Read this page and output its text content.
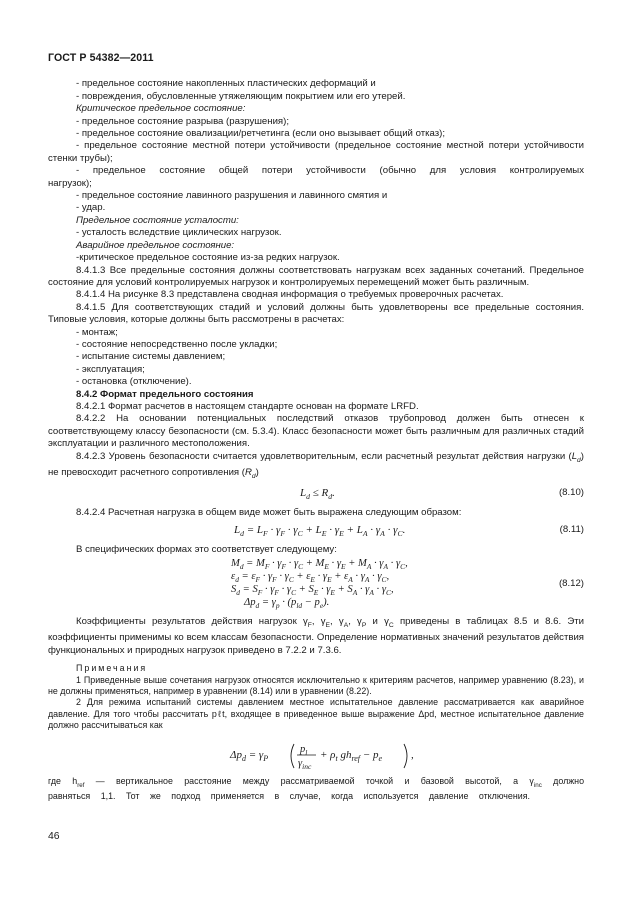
ГОСТ Р 54382—2011

- предельное состояние накопленных пластических деформаций и

- повреждения, обусловленные утяжеляющим покрытием или его утерей.

Критическое предельное состояние:

- предельное состояние разрыва (разрушения);

- предельное состояние овализации/ретчетинга (если оно вызывает общий отказ);

- предельное состояние местной потери устойчивости (предельное состояние местной потери устойчивости стенки трубы);

- предельное состояние общей потери устойчивости (обычно для условия контролируемых нагрузок);

- предельное состояние лавинного разрушения и лавинного смятия и

- удар.

Предельное состояние усталости:

- усталость вследствие циклических нагрузок.

Аварийное предельное состояние:

-критическое предельное состояние из-за редких нагрузок.

8.4.1.3 Все предельные состояния должны соответствовать нагрузкам всех заданных сочетаний. Предельное состояние для условий контролируемых нагрузок и контролируемых перемещений может быть различным.

8.4.1.4 На рисунке 8.3 представлена сводная информация о требуемых проверочных расчетах.

8.4.1.5 Для соответствующих стадий и условий должны быть удовлетворены все предельные состояния. Типовые условия, которые должны быть рассмотрены в расчетах:

- монтаж;

- состояние непосредственно после укладки;

- испытание системы давлением;

- эксплуатация;

- остановка (отключение).

8.4.2 Формат предельного состояния

8.4.2.1 Формат расчетов в настоящем стандарте основан на формате LRFD.

8.4.2.2 На основании потенциальных последствий отказов трубопровод должен быть отнесен к соответствующему классу безопасности (см. 5.3.4). Класс безопасности может быть различным для различных стадий эксплуатации и различного местоположения.

8.4.2.3 Уровень безопасности считается удовлетворительным, если расчетный результат действия нагрузки $(L_d)$ не превосходит расчетного сопротивления $(R_d)$

$L_d \le R_d$.	(8.10)

8.4.2.4 Расчетная нагрузка в общем виде может быть выражена следующим образом:

$L_d = L_F \cdot \gamma_F \cdot \gamma_C + L_E \cdot \gamma_E + L_A \cdot \gamma_A \cdot \gamma_C$.	(8.11)

В специфических формах это соответствует следующему:

$M_d = M_F \cdot \gamma_F \cdot \gamma_C + M_E \cdot \gamma_E + M_A \cdot \gamma_A \cdot \gamma_C$,
$\varepsilon_d = \varepsilon_F \cdot \gamma_F \cdot \gamma_C + \varepsilon_E \cdot \gamma_E + \varepsilon_A \cdot \gamma_A \cdot \gamma_C$,
$S_d = S_F \cdot \gamma_F \cdot \gamma_C + S_E \cdot \gamma_E + S_A \cdot \gamma_A \cdot \gamma_C$,
$\Delta p_d = \gamma_p \cdot (p_{ld} - p_e)$.
(8.12)

Коэффициенты результатов действия нагрузок $\gamma_F$, $\gamma_E$, $\gamma_A$, $\gamma_P$ и $\gamma_C$ приведены в таблицах 8.5 и 8.6. Эти коэффициенты применимы ко всем классам безопасности. Определение нормативных значений результатов действия функциональных и природных нагрузок приведено в 7.2.2 и 7.3.6.

Примечания

1 Приведенные выше сочетания нагрузок относятся исключительно к критериям расчетов, например уравнению (8.23), и не должны применяться, например в уравнении (8.14) или в уравнении (8.22).

2 Для режима испытаний системы давлением местное испытательное давление рассматривается как аварийное давление. Для того чтобы рассчитать pℓt, входящее в приведенное выше выражение Δpd, местное испытательное давление должно рассчитываться как

$\Delta p_d = \gamma_P$
$p_l$
$\gamma_{inc}$
+ $\rho_t$ $gh_{ref} - p_e$	,

где $h_{ref}$ — вертикальное расстояние между рассматриваемой точкой и базовой высотой, а $\gamma_{inc}$ должно равняться 1,1. Тот же подход применяется в случае, когда используется давление отключения.

46
